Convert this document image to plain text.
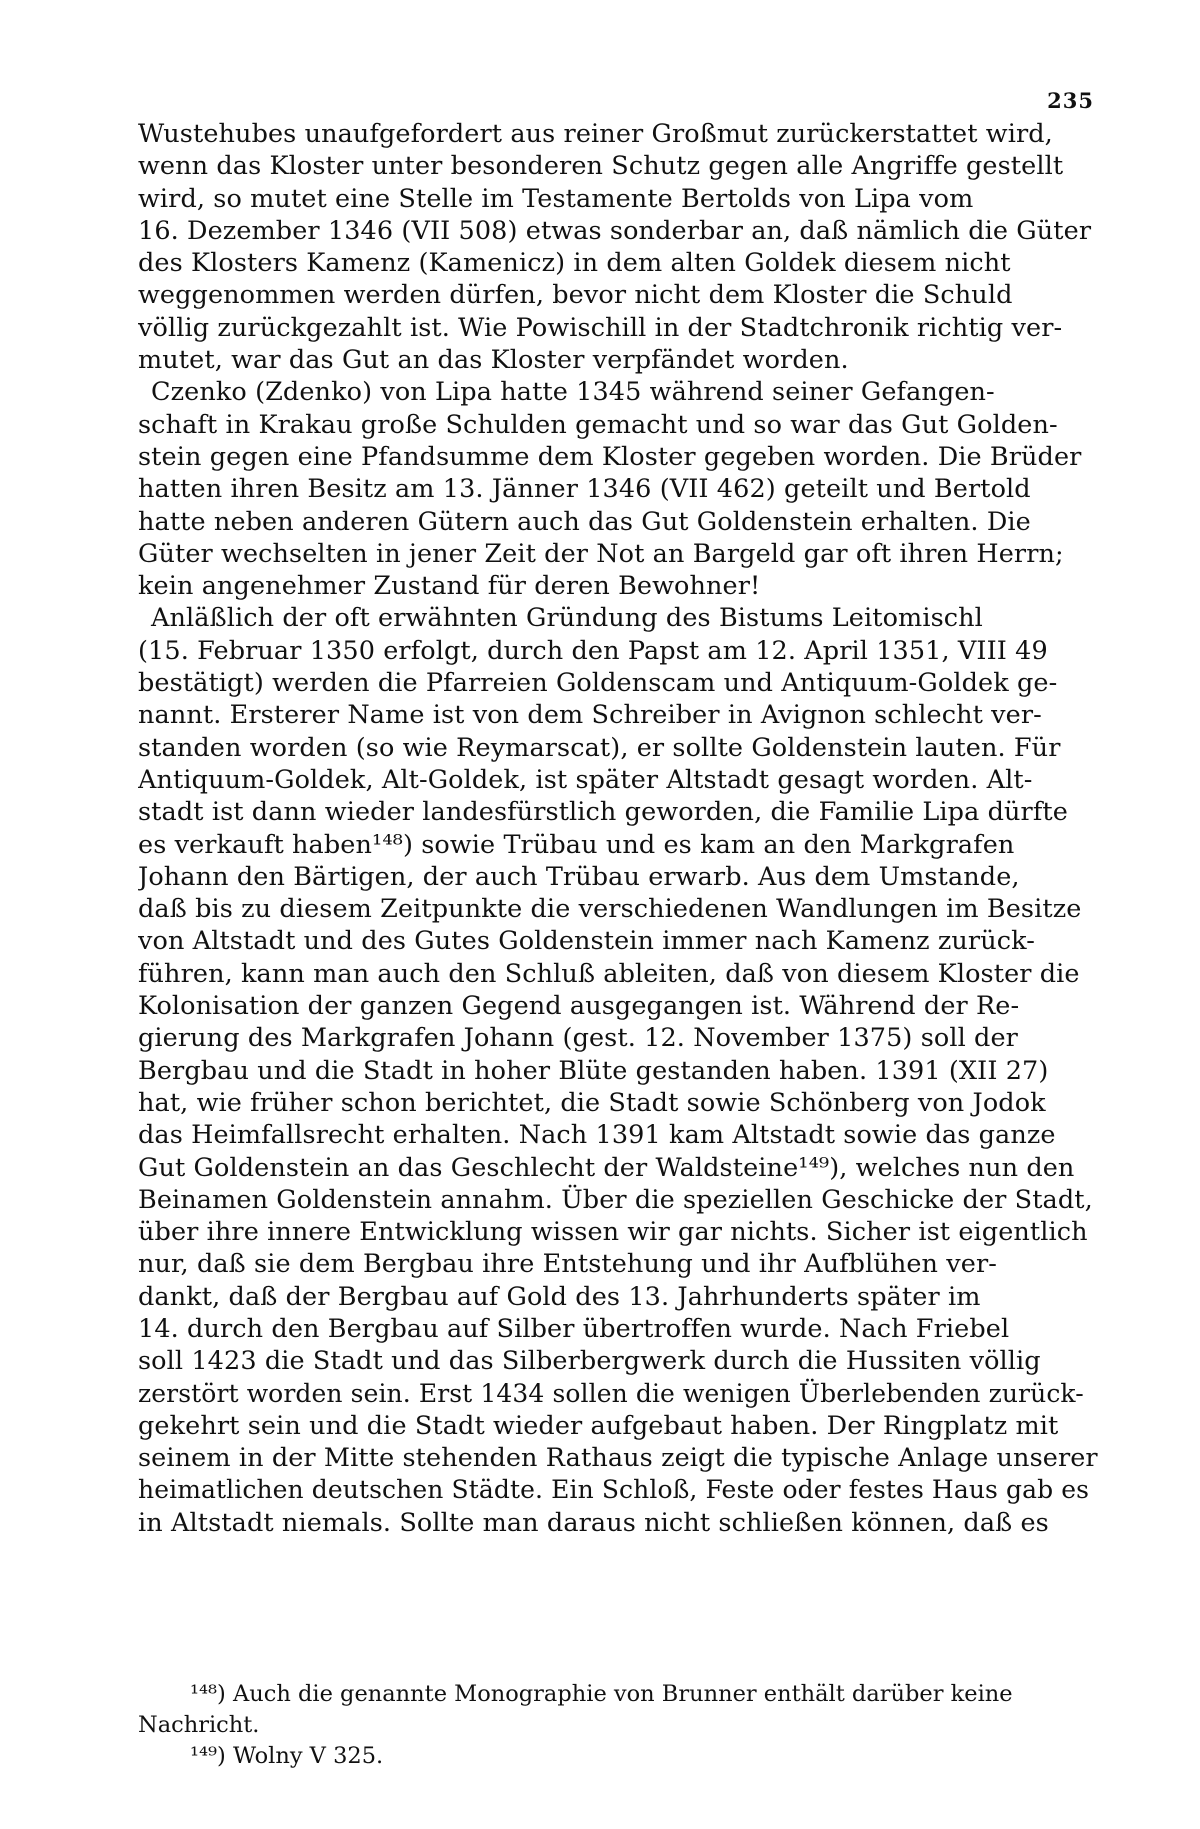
235
Wustehubes unaufgefordert aus reiner Großmut zurückerstattet wird,
wenn das Kloster unter besonderen Schutz gegen alle Angriffe gestellt
wird, so mutet eine Stelle im Testamente Bertolds von Lipa vom
16. Dezember 1346 (VII 508) etwas sonderbar an, daß nämlich die Güter
des Klosters Kamenz (Kamenicz) in dem alten Goldek diesem nicht
weggenommen werden dürfen, bevor nicht dem Kloster die Schuld
völlig zurückgezahlt ist. Wie Powischill in der Stadtchronik richtig ver-
mutet, war das Gut an das Kloster verpfändet worden.
Czenko (Zdenko) von Lipa hatte 1345 während seiner Gefangen-
schaft in Krakau große Schulden gemacht und so war das Gut Golden-
stein gegen eine Pfandsumme dem Kloster gegeben worden. Die Brüder
hatten ihren Besitz am 13. Jänner 1346 (VII 462) geteilt und Bertold
hatte neben anderen Gütern auch das Gut Goldenstein erhalten. Die
Güter wechselten in jener Zeit der Not an Bargeld gar oft ihren Herrn;
kein angenehmer Zustand für deren Bewohner!
Anläßlich der oft erwähnten Gründung des Bistums Leitomischl
(15. Februar 1350 erfolgt, durch den Papst am 12. April 1351, VIII 49
bestätigt) werden die Pfarreien Goldenscam und Antiquum-Goldek ge-
nannt. Ersterer Name ist von dem Schreiber in Avignon schlecht ver-
standen worden (so wie Reymarscat), er sollte Goldenstein lauten. Für
Antiquum-Goldek, Alt-Goldek, ist später Altstadt gesagt worden. Alt-
stadt ist dann wieder landesfürstlich geworden, die Familie Lipa dürfte
es verkauft haben¹⁴⁸) sowie Trübau und es kam an den Markgrafen
Johann den Bärtigen, der auch Trübau erwarb. Aus dem Umstande,
daß bis zu diesem Zeitpunkte die verschiedenen Wandlungen im Besitze
von Altstadt und des Gutes Goldenstein immer nach Kamenz zurück-
führen, kann man auch den Schluß ableiten, daß von diesem Kloster die
Kolonisation der ganzen Gegend ausgegangen ist. Während der Re-
gierung des Markgrafen Johann (gest. 12. November 1375) soll der
Bergbau und die Stadt in hoher Blüte gestanden haben. 1391 (XII 27)
hat, wie früher schon berichtet, die Stadt sowie Schönberg von Jodok
das Heimfallsrecht erhalten. Nach 1391 kam Altstadt sowie das ganze
Gut Goldenstein an das Geschlecht der Waldsteine¹⁴⁹), welches nun den
Beinamen Goldenstein annahm. Über die speziellen Geschicke der Stadt,
über ihre innere Entwicklung wissen wir gar nichts. Sicher ist eigentlich
nur, daß sie dem Bergbau ihre Entstehung und ihr Aufblühen ver-
dankt, daß der Bergbau auf Gold des 13. Jahrhunderts später im
14. durch den Bergbau auf Silber übertroffen wurde. Nach Friebel
soll 1423 die Stadt und das Silberbergwerk durch die Hussiten völlig
zerstört worden sein. Erst 1434 sollen die wenigen Überlebenden zurück-
gekehrt sein und die Stadt wieder aufgebaut haben. Der Ringplatz mit
seinem in der Mitte stehenden Rathaus zeigt die typische Anlage unserer
heimatlichen deutschen Städte. Ein Schloß, Feste oder festes Haus gab es
in Altstadt niemals. Sollte man daraus nicht schließen können, daß es
¹⁴⁸) Auch die genannte Monographie von Brunner enthält darüber keine
Nachricht.
¹⁴⁹) Wolny V 325.
